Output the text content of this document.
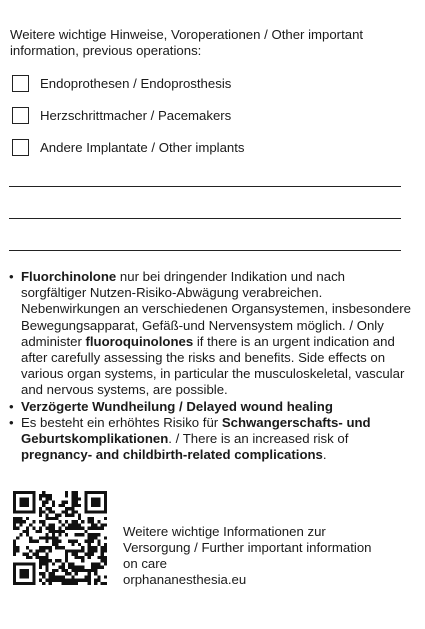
Weitere wichtige Hinweise, Voroperationen / Other important information, previous operations:
Endoprothesen / Endoprosthesis
Herzschrittmacher / Pacemakers
Andere Implantate / Other implants
• Fluorchinolone nur bei dringender Indikation und nach sorgfältiger Nutzen-Risiko-Abwägung verabreichen. Nebenwirkungen an verschiedenen Organsystemen, insbesondere Bewegungsapparat, Gefäß-und Nervensystem möglich. / Only administer fluoroquinolones if there is an urgent indication and after carefully assessing the risks and benefits. Side effects on various organ systems, in particular the musculoskeletal, vascular and nervous systems, are possible.
• Verzögerte Wundheilung / Delayed wound healing
• Es besteht ein erhöhtes Risiko für Schwangerschafts- und Geburtskomplikationen. / There is an increased risk of pregnancy- and childbirth-related complications.
Weitere wichtige Informationen zur
Versorgung / Further important information
on care
orphananesthesia.eu
